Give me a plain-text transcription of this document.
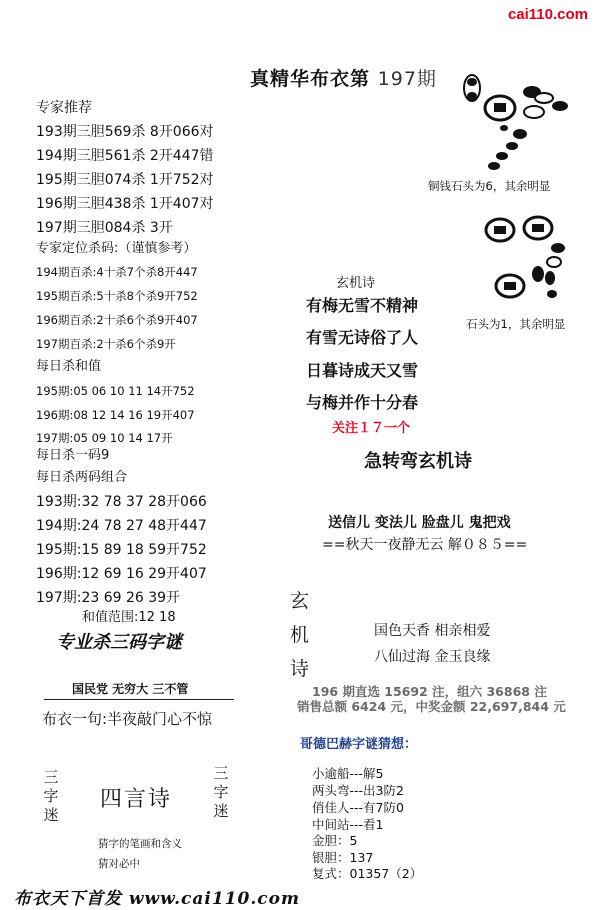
cai110.com
真精华布衣第 197期
专家推荐
193期三胆569杀 8开066对
194期三胆561杀 2开447错
195期三胆074杀 1开752对
196期三胆438杀 1开407对
197期三胆084杀 3开
专家定位杀码:（谨慎参考）
194期百杀:4十杀7个杀8开447
195期百杀:5十杀8个杀9开752
196期百杀:2十杀6个杀9开407
197期百杀:2十杀6个杀9开
每日杀和值
195期:05 06 10 11 14开752
196期:08 12 14 16 19开407
197期:05 09 10 14 17开
每日杀一码9
每日杀两码组合
193期:32 78 37 28开066
194期:24 78 27 48开447
195期:15 89 18 59开752
196期:12 69 16 29开407
197期:23 69 26 39开
和值范围:12 18
专业杀三码字谜
国民党 无穷大 三不管
布衣一句:半夜敲门心不惊
三字迷
四言诗
三字迷
猜字的笔画和含义
猜对必中
布衣天下首发 www.cai110.com
铜钱石头为6，其余明显
石头为1，其余明显
玄机诗
有梅无雪不精神
有雪无诗俗了人
日暮诗成天又雪
与梅并作十分春
关注１７一个
急转弯玄机诗
送信儿 变法儿 脸盘儿 鬼把戏
==秋天一夜静无云 解０８５==
玄
机
诗
国色天香 相亲相爱
八仙过海 金玉良缘
196 期直选 15692 注，组六 36868 注
销售总额 6424 元，中奖金额 22,697,844 元
哥德巴赫字谜猜想：
小逾船---解5
两头弯---出3防2
俏佳人---有7防0
中间站---看1
金胆：5
银胆：137
复式：01357（2）
